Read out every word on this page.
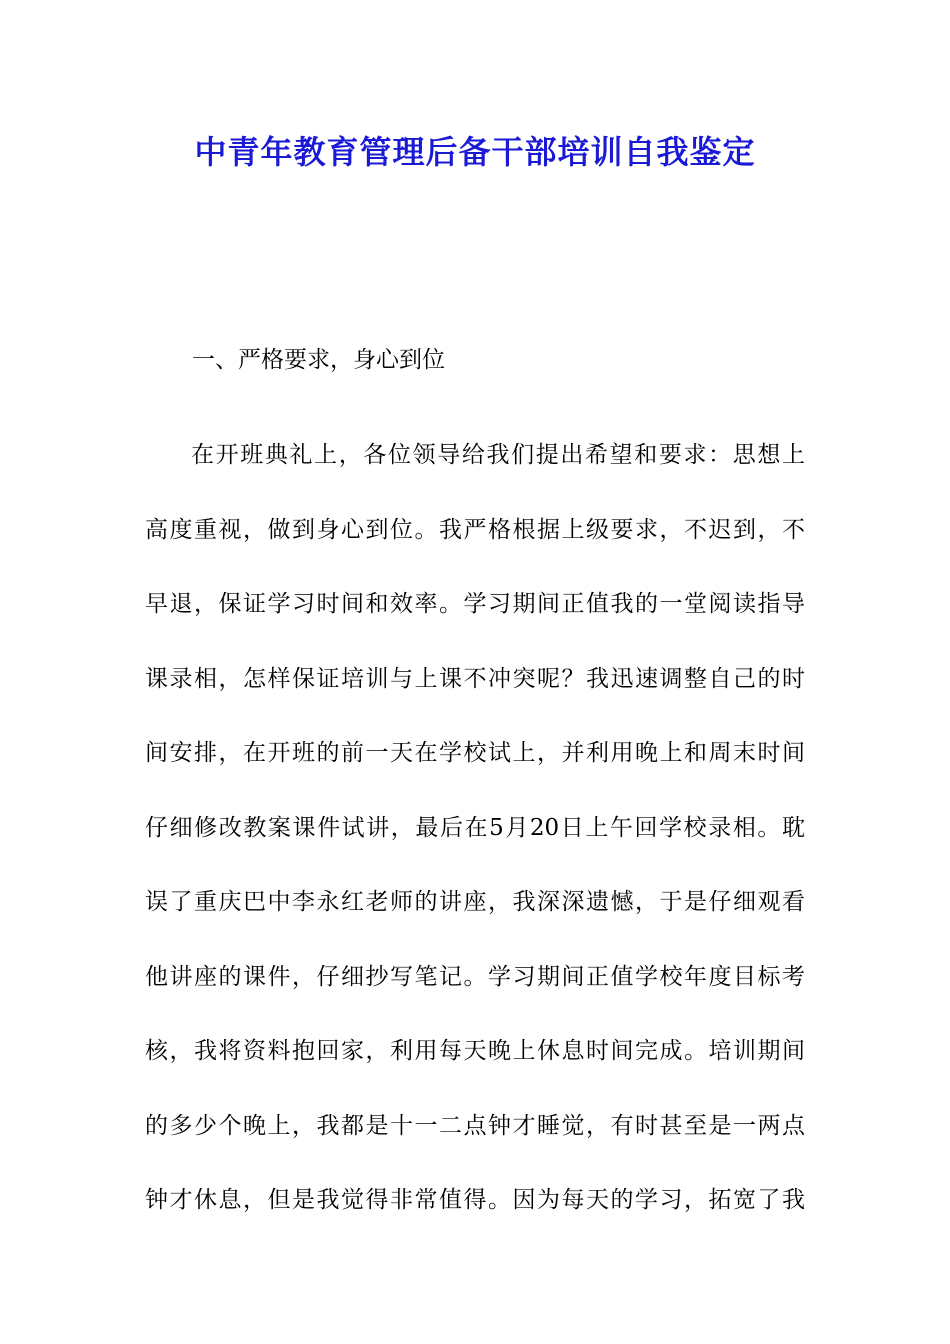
中青年教育管理后备干部培训自我鉴定

一、严格要求，身心到位

在开班典礼上，各位领导给我们提出希望和要求：思想上
高度重视，做到身心到位。我严格根据上级要求，不迟到，不
早退，保证学习时间和效率。学习期间正值我的一堂阅读指导
课录相，怎样保证培训与上课不冲突呢？我迅速调整自己的时
间安排，在开班的前一天在学校试上，并利用晚上和周末时间
仔细修改教案课件试讲，最后在5月20日上午回学校录相。耽
误了重庆巴中李永红老师的讲座，我深深遗憾，于是仔细观看
他讲座的课件，仔细抄写笔记。学习期间正值学校年度目标考
核，我将资料抱回家，利用每天晚上休息时间完成。培训期间
的多少个晚上，我都是十一二点钟才睡觉，有时甚至是一两点
钟才休息，但是我觉得非常值得。因为每天的学习，拓宽了我
